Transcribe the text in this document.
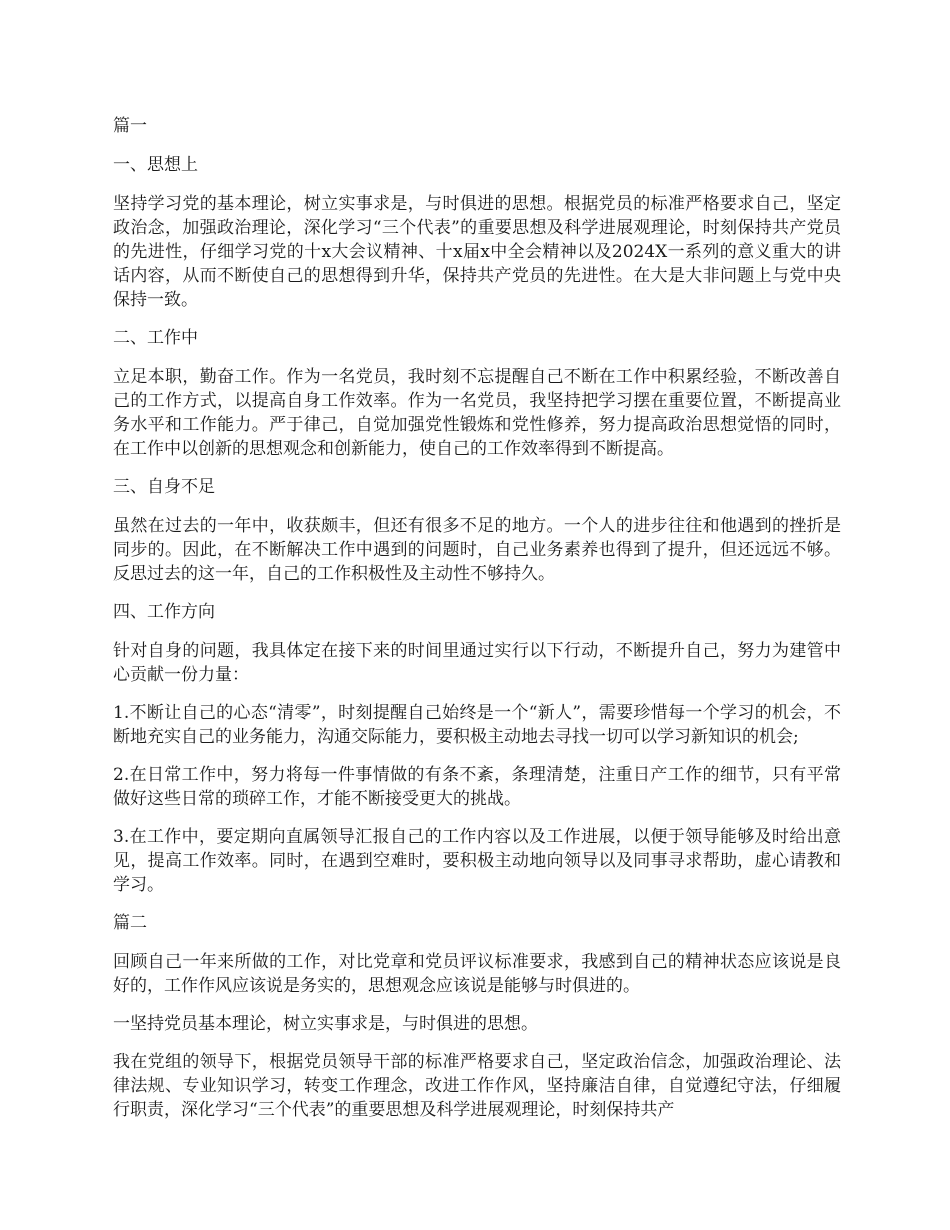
篇一
一、思想上
坚持学习党的基本理论，树立实事求是，与时俱进的思想。根据党员的标准严格要求自己，坚定政治念，加强政治理论，深化学习“三个代表”的重要思想及科学进展观理论，时刻保持共产党员的先进性，仔细学习党的十x大会议精神、十x届x中全会精神以及2024X一系列的意义重大的讲话内容，从而不断使自己的思想得到升华，保持共产党员的先进性。在大是大非问题上与党中央保持一致。
二、工作中
立足本职，勤奋工作。作为一名党员，我时刻不忘提醒自己不断在工作中积累经验，不断改善自己的工作方式，以提高自身工作效率。作为一名党员，我坚持把学习摆在重要位置，不断提高业务水平和工作能力。严于律己，自觉加强党性锻炼和党性修养，努力提高政治思想觉悟的同时，在工作中以创新的思想观念和创新能力，使自己的工作效率得到不断提高。
三、自身不足
虽然在过去的一年中，收获颇丰，但还有很多不足的地方。一个人的进步往往和他遇到的挫折是同步的。因此，在不断解决工作中遇到的问题时，自己业务素养也得到了提升，但还远远不够。反思过去的这一年，自己的工作积极性及主动性不够持久。
四、工作方向
针对自身的问题，我具体定在接下来的时间里通过实行以下行动，不断提升自己，努力为建管中心贡献一份力量：
1.不断让自己的心态“清零”，时刻提醒自己始终是一个“新人”，需要珍惜每一个学习的机会，不断地充实自己的业务能力，沟通交际能力，要积极主动地去寻找一切可以学习新知识的机会;
2.在日常工作中，努力将每一件事情做的有条不紊，条理清楚，注重日产工作的细节，只有平常做好这些日常的琐碎工作，才能不断接受更大的挑战。
3.在工作中，要定期向直属领导汇报自己的工作内容以及工作进展，以便于领导能够及时给出意见，提高工作效率。同时，在遇到空难时，要积极主动地向领导以及同事寻求帮助，虚心请教和学习。
篇二
回顾自己一年来所做的工作，对比党章和党员评议标准要求，我感到自己的精神状态应该说是良好的，工作作风应该说是务实的，思想观念应该说是能够与时俱进的。
一坚持党员基本理论，树立实事求是，与时俱进的思想。
我在党组的领导下，根据党员领导干部的标准严格要求自己，坚定政治信念，加强政治理论、法律法规、专业知识学习，转变工作理念，改进工作作风，坚持廉洁自律，自觉遵纪守法，仔细履行职责，深化学习“三个代表”的重要思想及科学进展观理论，时刻保持共产
